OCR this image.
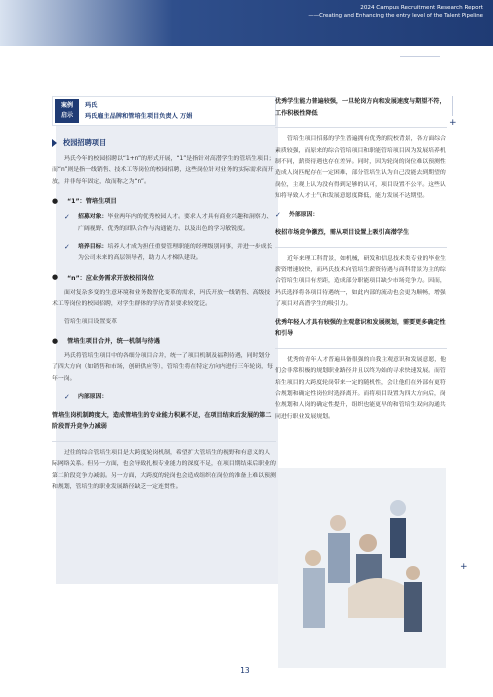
2024 Campus Recruitment Research Report
——Creating and Enhancing the entry level of the Talent Pipeline
+
+
案例
启示
玛氏
玛氏雇主品牌和管培生项目负责人 万娟
校园招聘项目
玛氏今年的校园招聘以“1+n”的形式开展，“1”是指针对高潜学生的管培生项目；而“n”则是指一线销售、技术工等岗位的校园招聘，这些岗位针对业务的实际需求而开放，并非每年固定，故而称之为“n”。
● “1”：管培生项目
✓	招募对象：毕业两年内的优秀校园人才。要求人才具有商业兴趣和洞察力、广阔视野、优秀的团队合作与沟通能力、以及出色的学习敏锐度。
✓	培养目标：培养人才成为担任重要管理职能的经理级别同事，并进一步成长为公司未来的高层领导者，助力人才梯队建设。
● “n”：应业务需求开放校招岗位
面对复杂多变的生意环境和业务数智化变革的需求，玛氏开放一线销售、高级技术工等岗位的校园招聘，对学生群体的学历背景要求较宽泛。
管培生项目设置变革
● 管培生项目合并，统一机制与待遇
玛氏将管培生项目中的各细分项目合并，统一了项目机制及福利待遇，同时划分了四大方向（如销售和市场，创研供应等），管培生将在特定方向内进行三年轮岗，每年一岗。
✓	内部原因：
管培生岗机制跨度大，造成管培生的专业能力积累不足，在项目结束后发展的第二阶段晋升竞争力减弱
过往的综合管培生项目是大跨度轮岗机制，希望扩大管培生的视野和有意义的人际网络关系。但另一方面，也会导致扎根专业能力的深度不足，在项目期结束后职业的第二阶段竞争力减弱。另一方面，大跨度的轮岗也会造成组织在岗位的准备上难以预测和规划，管培生的职业发展路径缺乏一定连贯性。
优秀学生能力普遍较强，一旦轮岗方向和发展速度与期望不符，工作积极性降低
管培生项目招募的学生普遍拥有优秀的院校背景，各方面综合素质较强，而原来的综合管培项目和职能管培项目因为发展培养机制不同，薪资待遇也存在差异。同时，因为轮岗的岗位难以预测性造成人岗匹配存在一定困难，部分管培生认为自己没能去到期望的岗位，主观上认为没有得到足够的认可，项目设置不公平。这些认知将导致人才士气和发展意愿度降低，能力发展不达期望。
✓	外部原因：
校招市场竞争激烈，需从项目设置上吸引高潜学生
近年来理工科背景，如机械，研发和信息技术类专业的毕业生薪资增速较快，而玛氏技术向管培生薪资待遇与商科背景为主的综合管培生项目有差距，造成部分职能项目缺少市场竞争力。因而，玛氏选择将各项目待遇统一，如此内部的流动也会更为顺畅，增强了项目对高潜学生的吸引力。
优秀年轻人才具有较强的主观意识和发展规划，需要更多确定性和引导
优秀的青年人才普遍具备很强的自我主观意识和发展意愿，他们会非常积极的规划职业路径并且以终为始的寻求快速发展。而管培生项目的大跨度轮岗带来一定的随机性，会让他们在外部有更符合规划和确定性岗位时选择离开。而将项目设置为四大方向后，岗位规划和人岗的确定性提升，组织也能更早的和管培生双向沟通共同进行职业发展规划。
13
